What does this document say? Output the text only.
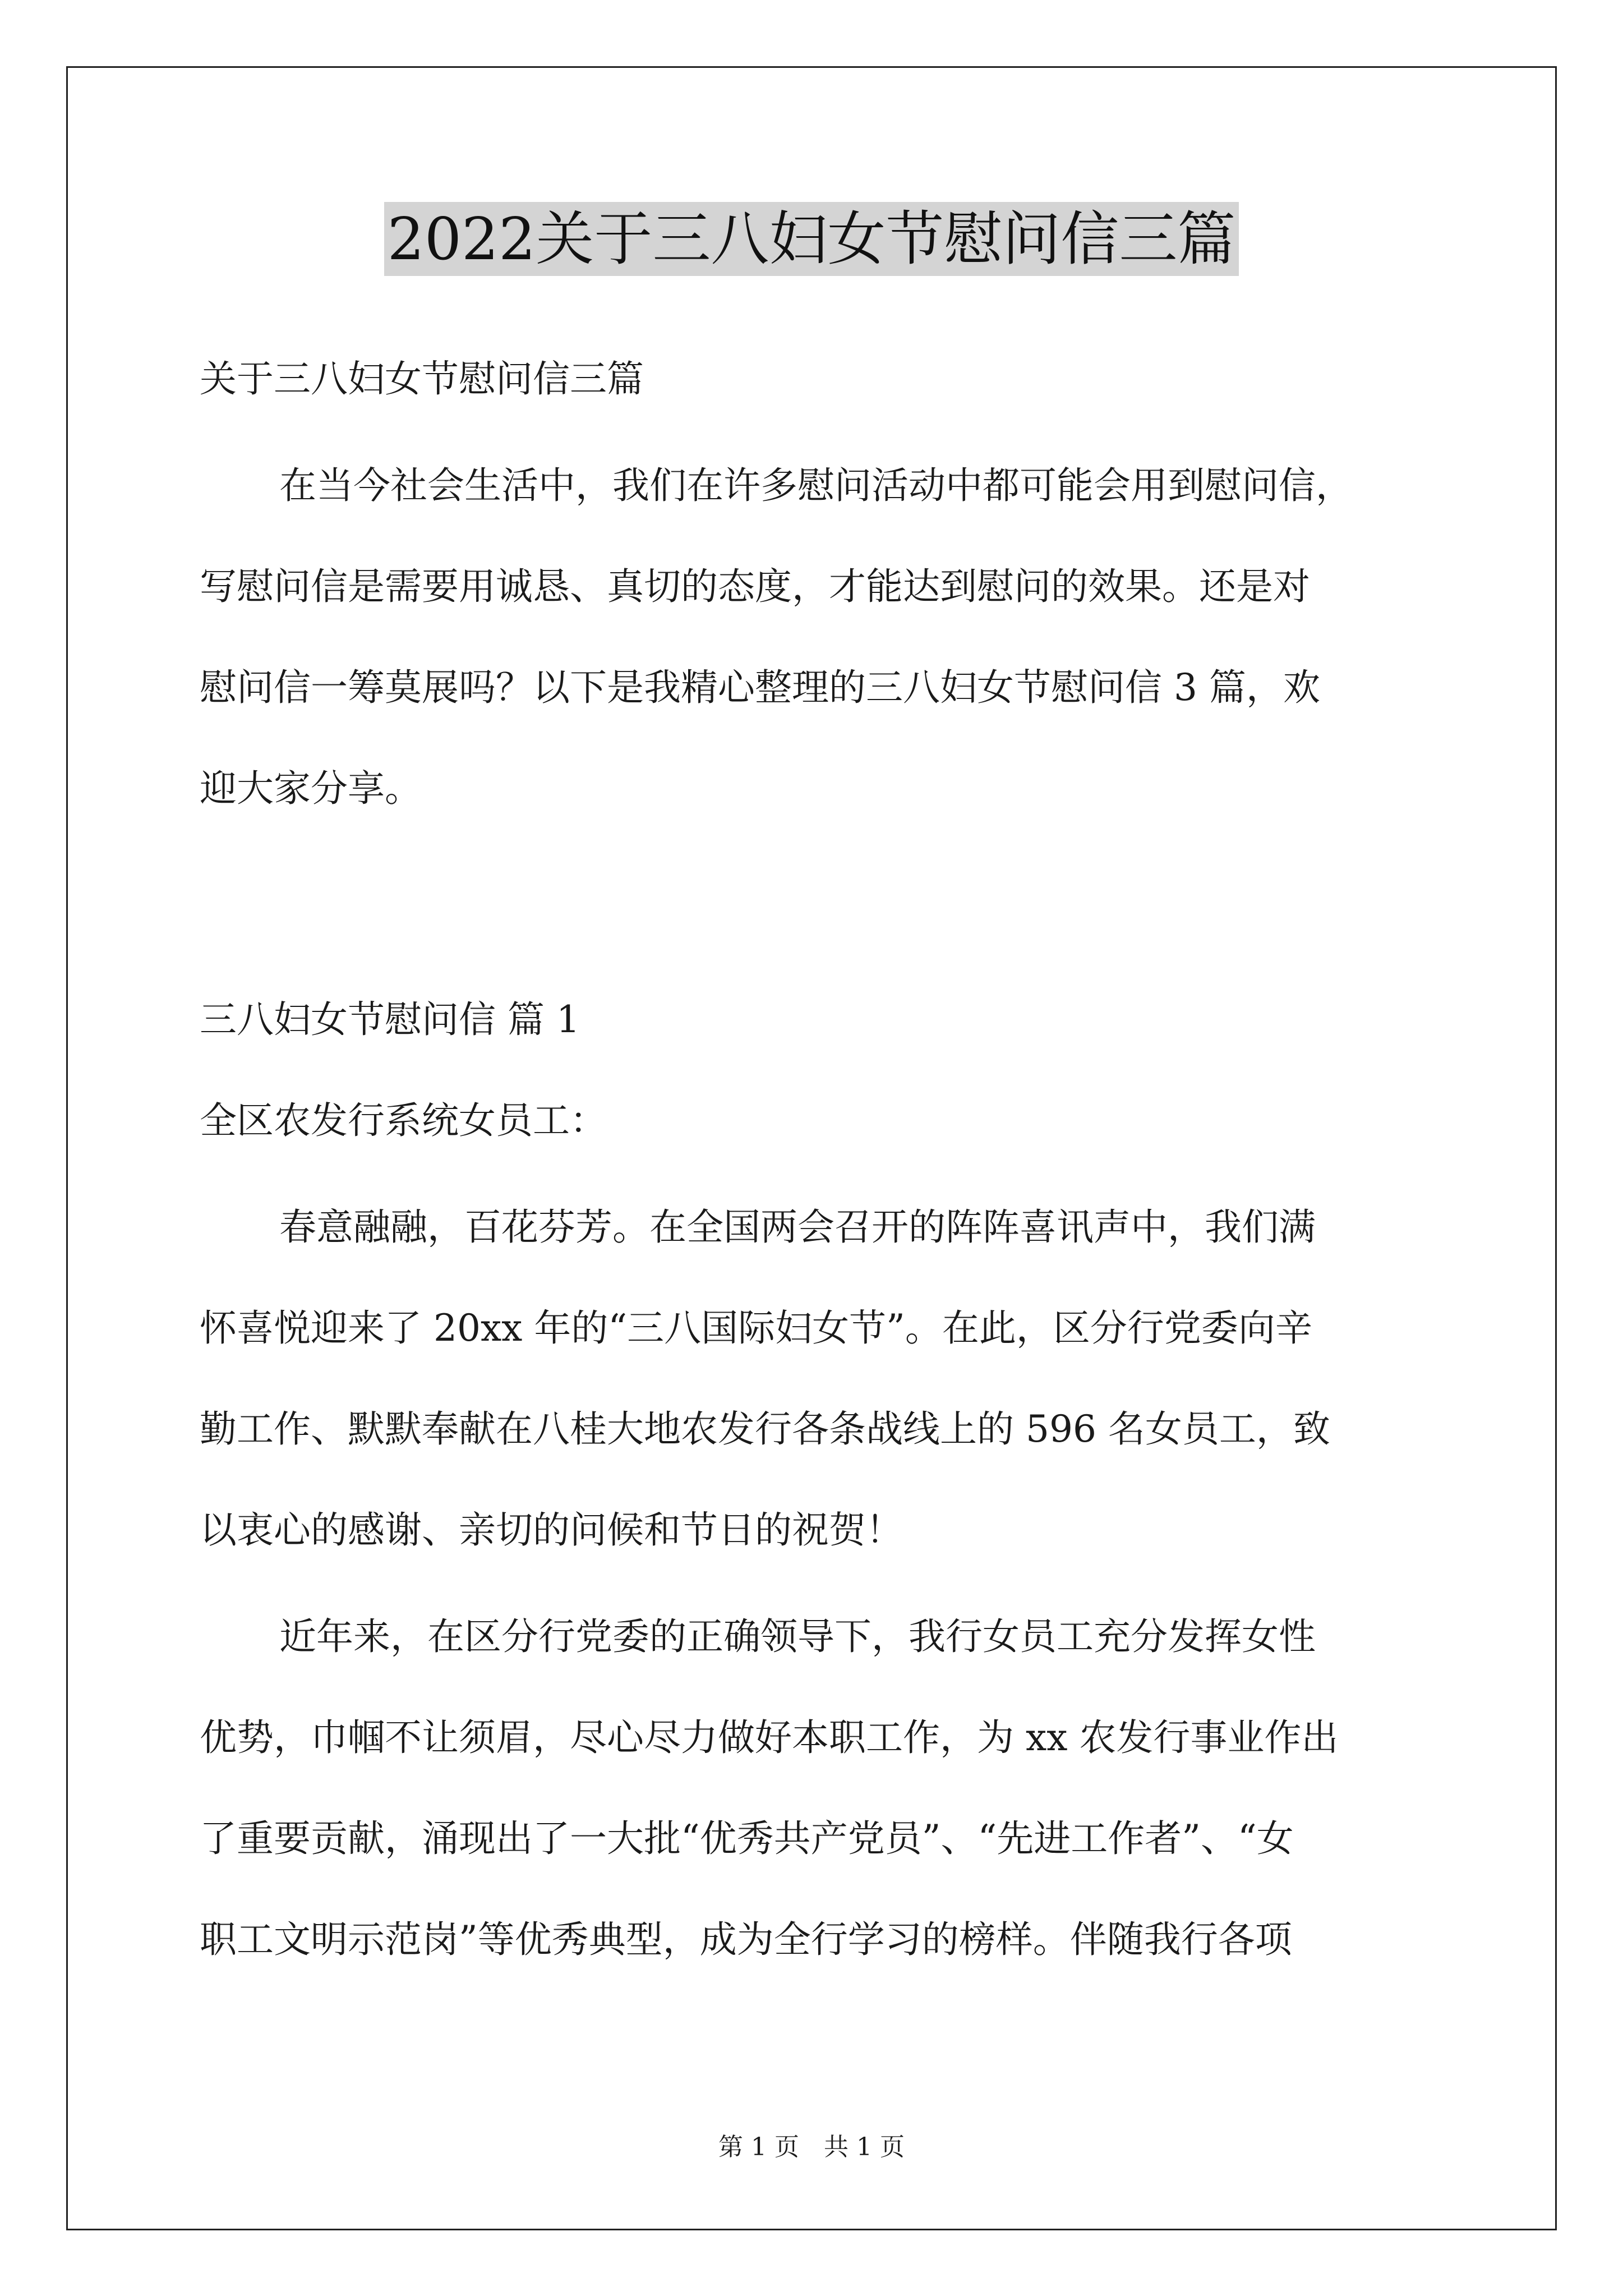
2022关于三八妇女节慰问信三篇
关于三八妇女节慰问信三篇
在当今社会生活中，我们在许多慰问活动中都可能会用到慰问信，
写慰问信是需要用诚恳、真切的态度，才能达到慰问的效果。还是对
慰问信一筹莫展吗？以下是我精心整理的三八妇女节慰问信 3 篇，欢
迎大家分享。
三八妇女节慰问信 篇 1
全区农发行系统女员工：
春意融融，百花芬芳。在全国两会召开的阵阵喜讯声中，我们满
怀喜悦迎来了 20xx 年的“三八国际妇女节”。在此，区分行党委向辛
勤工作、默默奉献在八桂大地农发行各条战线上的 596 名女员工，致
以衷心的感谢、亲切的问候和节日的祝贺！
近年来，在区分行党委的正确领导下，我行女员工充分发挥女性
优势，巾帼不让须眉，尽心尽力做好本职工作，为 xx 农发行事业作出
了重要贡献，涌现出了一大批“优秀共产党员”、“先进工作者”、“女
职工文明示范岗”等优秀典型，成为全行学习的榜样。伴随我行各项
第 1 页　共 1 页
